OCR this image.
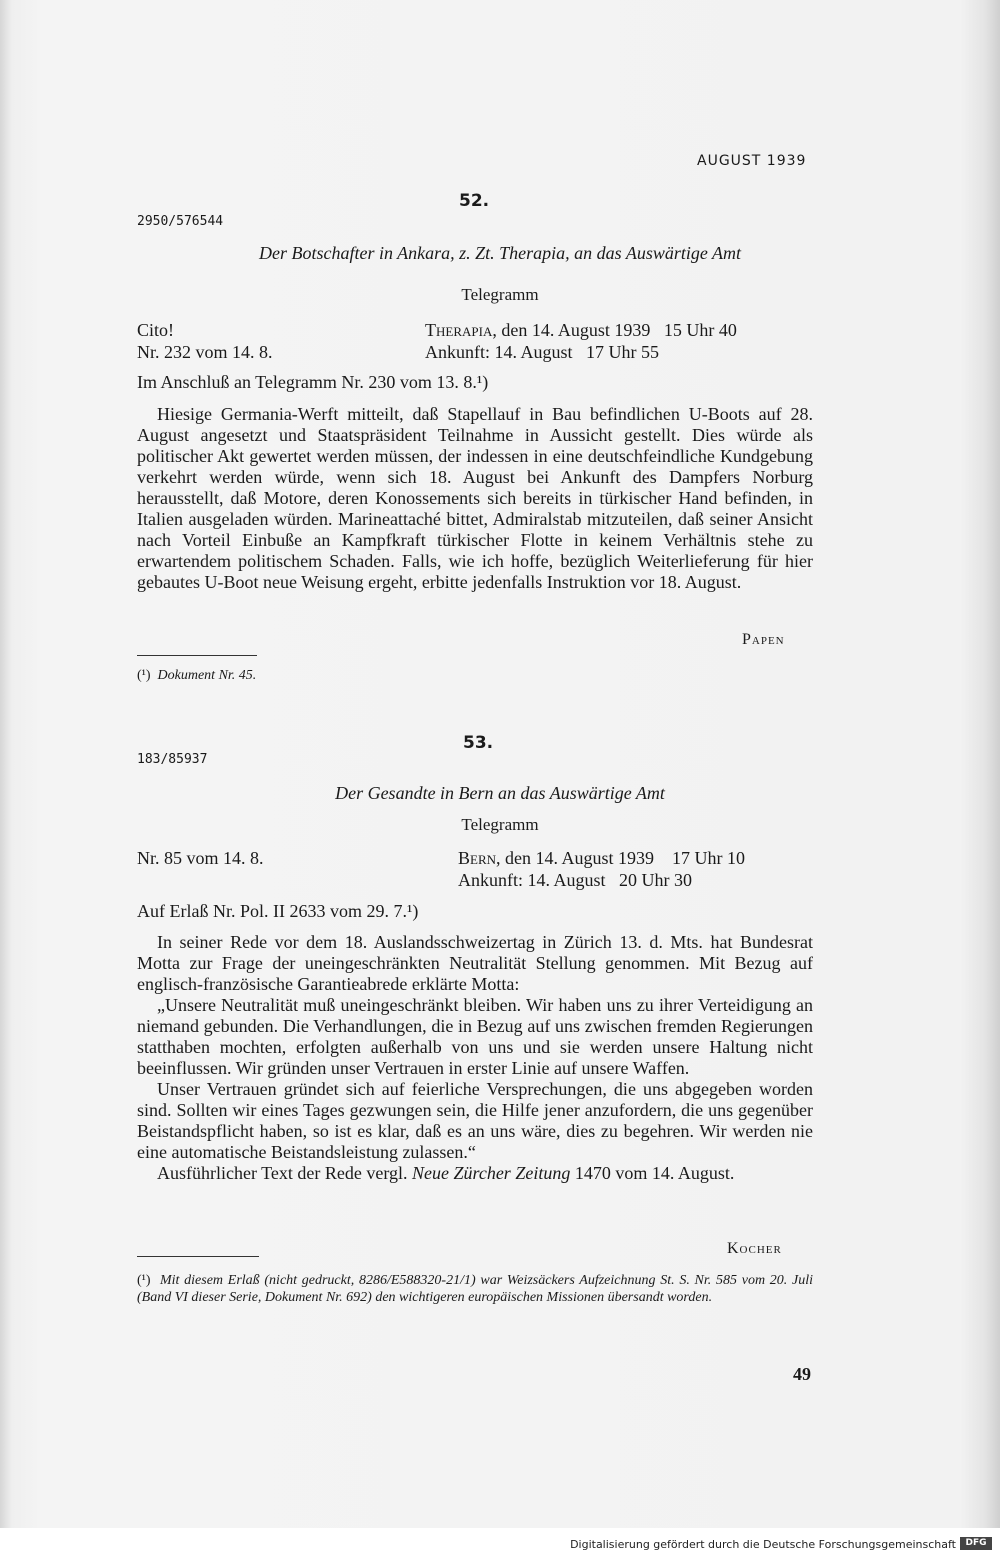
AUGUST 1939
52.
2950/576544
Der Botschafter in Ankara, z. Zt. Therapia, an das Auswärtige Amt
Telegramm
Cito!
Nr. 232 vom 14. 8.
Therapia, den 14. August 1939   15 Uhr 40
Ankunft: 14. August   17 Uhr 55
Im Anschluß an Telegramm Nr. 230 vom 13. 8.¹)

Hiesige Germania-Werft mitteilt, daß Stapellauf in Bau befindlichen U-Boots auf 28. August angesetzt und Staatspräsident Teilnahme in Aussicht gestellt. Dies würde als politischer Akt gewertet werden müssen, der indessen in eine deutschfeindliche Kundgebung verkehrt werden würde, wenn sich 18. August bei Ankunft des Dampfers Norburg herausstellt, daß Motore, deren Konossements sich bereits in türkischer Hand befinden, in Italien ausgeladen würden. Marineattaché bittet, Admiralstab mitzuteilen, daß seiner Ansicht nach Vorteil Einbuße an Kampfkraft türkischer Flotte in keinem Verhältnis stehe zu erwartendem politischem Schaden. Falls, wie ich hoffe, bezüglich Weiterlieferung für hier gebautes U-Boot neue Weisung ergeht, erbitte jedenfalls Instruktion vor 18. August.

Papen
(¹) Dokument Nr. 45.
53.
183/85937
Der Gesandte in Bern an das Auswärtige Amt
Telegramm
Nr. 85 vom 14. 8.	Bern, den 14. August 1939    17 Uhr 10
Ankunft: 14. August   20 Uhr 30
Auf Erlaß Nr. Pol. II 2633 vom 29. 7.¹)

In seiner Rede vor dem 18. Auslandsschweizertag in Zürich 13. d. Mts. hat Bundesrat Motta zur Frage der uneingeschränkten Neutralität Stellung genommen. Mit Bezug auf englisch-französische Garantieabrede erklärte Motta:

„Unsere Neutralität muß uneingeschränkt bleiben. Wir haben uns zu ihrer Verteidigung an niemand gebunden. Die Verhandlungen, die in Bezug auf uns zwischen fremden Regierungen statthaben mochten, erfolgten außerhalb von uns und sie werden unsere Haltung nicht beeinflussen. Wir gründen unser Vertrauen in erster Linie auf unsere Waffen.

Unser Vertrauen gründet sich auf feierliche Versprechungen, die uns abgegeben worden sind. Sollten wir eines Tages gezwungen sein, die Hilfe jener anzufordern, die uns gegenüber Beistandspflicht haben, so ist es klar, daß es an uns wäre, dies zu begehren. Wir werden nie eine automatische Beistandsleistung zulassen.“

Ausführlicher Text der Rede vergl. Neue Zürcher Zeitung 1470 vom 14. August.

Kocher
(¹) Mit diesem Erlaß (nicht gedruckt, 8286/E588320-21/1) war Weizsäckers Aufzeichnung St. S. Nr. 585 vom 20. Juli (Band VI dieser Serie, Dokument Nr. 692) den wichtigeren europäischen Missionen übersandt worden.
49
Digitalisierung gefördert durch die Deutsche Forschungsgemeinschaft	DFG
